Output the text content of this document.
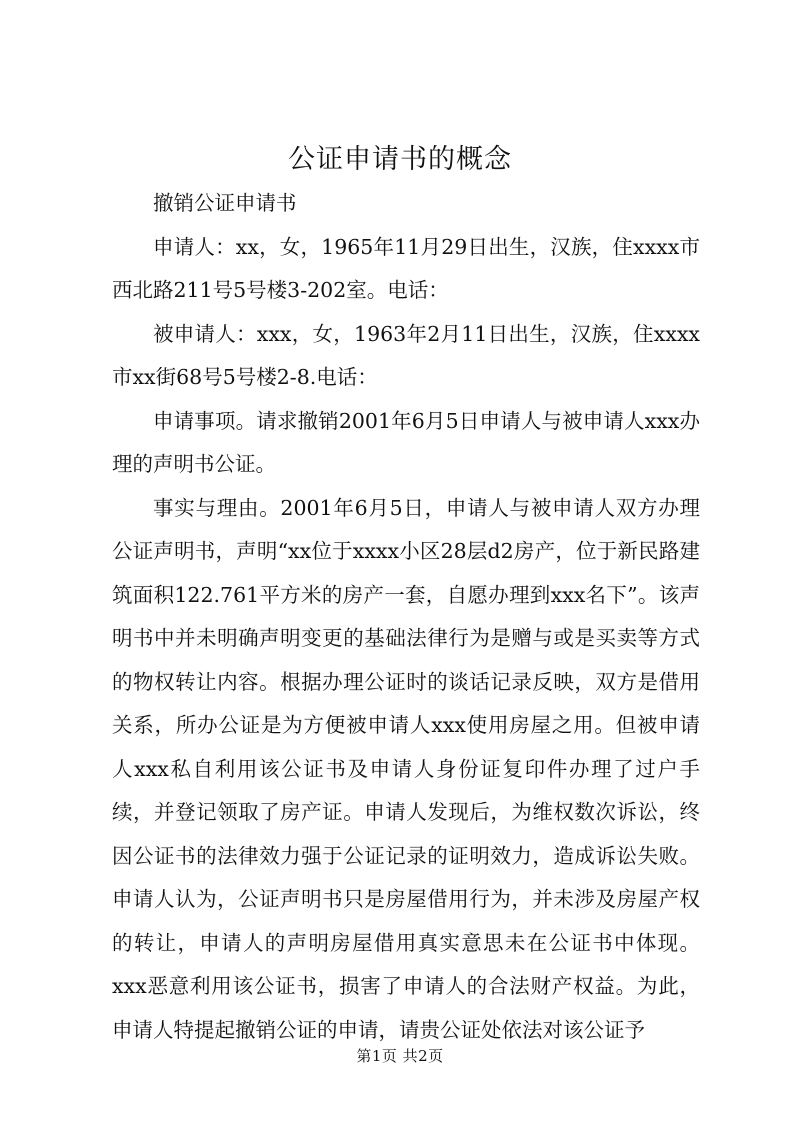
公证申请书的概念

撤销公证申请书

申请人：xx，女，1965年11月29日出生，汉族，住xxxx市西北路211号5号楼3-202室。电话：

被申请人：xxx，女，1963年2月11日出生，汉族，住xxxx市xx街68号5号楼2-8.电话：

申请事项。请求撤销2001年6月5日申请人与被申请人xxx办理的声明书公证。

事实与理由。2001年6月5日，申请人与被申请人双方办理公证声明书，声明“xx位于xxxx小区28层d2房产，位于新民路建筑面积122.761平方米的房产一套，自愿办理到xxx名下”。该声明书中并未明确声明变更的基础法律行为是赠与或是买卖等方式的物权转让内容。根据办理公证时的谈话记录反映，双方是借用关系，所办公证是为方便被申请人xxx使用房屋之用。但被申请人xxx私自利用该公证书及申请人身份证复印件办理了过户手续，并登记领取了房产证。申请人发现后，为维权数次诉讼，终因公证书的法律效力强于公证记录的证明效力，造成诉讼失败。申请人认为，公证声明书只是房屋借用行为，并未涉及房屋产权的转让，申请人的声明房屋借用真实意思未在公证书中体现。xxx恶意利用该公证书，损害了申请人的合法财产权益。为此，申请人特提起撤销公证的申请，请贵公证处依法对该公证予

第1页 共2页
